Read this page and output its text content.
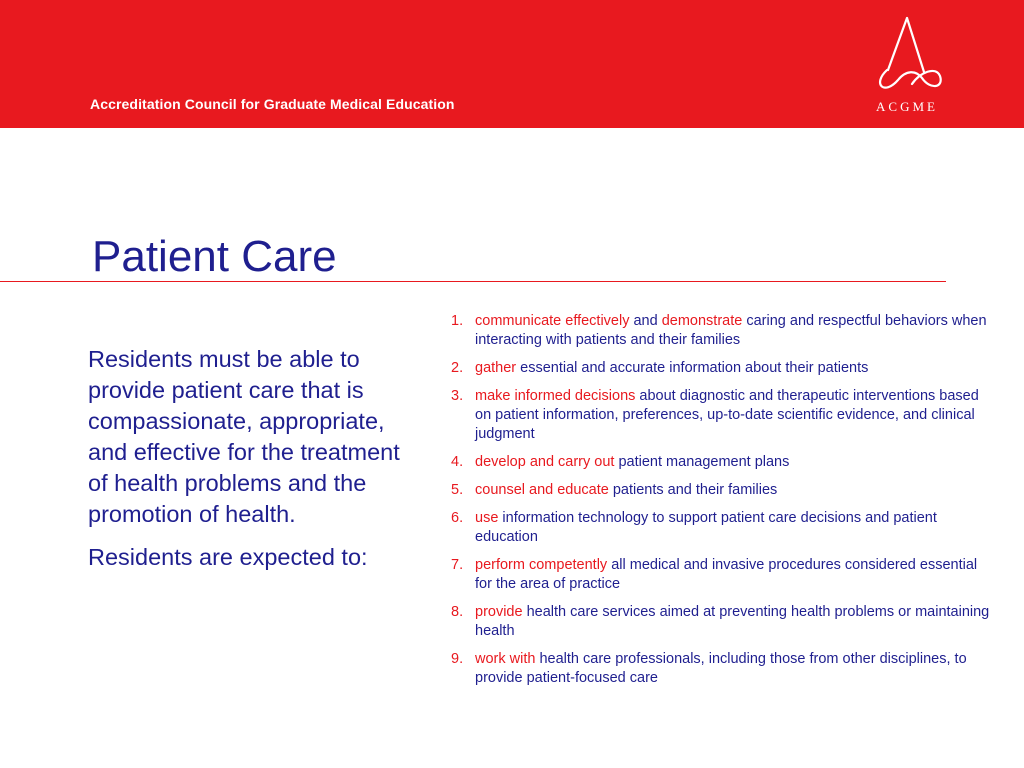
Accreditation Council for Graduate Medical Education	ACGME
Patient Care

Residents must be able to provide patient care that is compassionate, appropriate, and effective for the treatment of health problems and the promotion of health.

Residents are expected to:

1. communicate effectively and demonstrate caring and respectful behaviors when interacting with patients and their families
2. gather essential and accurate information about their patients
3. make informed decisions about diagnostic and therapeutic interventions based on patient information, preferences, up-to-date scientific evidence, and clinical judgment
4. develop and carry out patient management plans
5. counsel and educate patients and their families
6. use information technology to support patient care decisions and patient education
7. perform competently all medical and invasive procedures considered essential for the area of practice
8. provide health care services aimed at preventing health problems or maintaining health
9. work with health care professionals, including those from other disciplines, to provide patient-focused care
